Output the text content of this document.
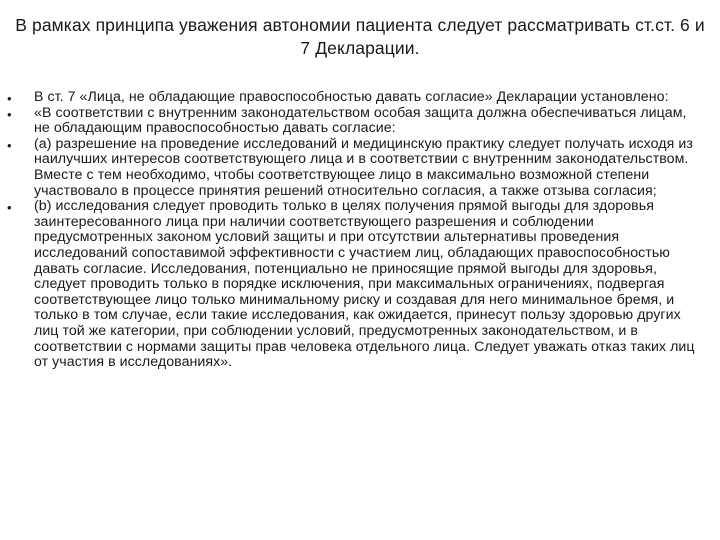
В рамках принципа уважения автономии пациента следует рассматривать ст.ст. 6 и 7 Декларации.
• В ст. 7 «Лица, не обладающие правоспособностью давать согласие» Декларации установлено:
• «В соответствии с внутренним законодательством особая защита должна обеспечиваться лицам, не обладающим правоспособностью давать согласие:
• (a) разрешение на проведение исследований и медицинскую практику следует получать исходя из наилучших интересов соответствующего лица и в соответствии с внутренним законодательством. Вместе с тем необходимо, чтобы соответствующее лицо в максимально возможной степени участвовало в процессе принятия решений относительно согласия, а также отзыва согласия;
• (b) исследования следует проводить только в целях получения прямой выгоды для здоровья заинтересованного лица при наличии соответствующего разрешения и соблюдении предусмотренных законом условий защиты и при отсутствии альтернативы проведения исследований сопоставимой эффективности с участием лиц, обладающих правоспособностью давать согласие. Исследования, потенциально не приносящие прямой выгоды для здоровья, следует проводить только в порядке исключения, при максимальных ограничениях, подвергая соответствующее лицо только минимальному риску и создавая для него минимальное бремя, и только в том случае, если такие исследования, как ожидается, принесут пользу здоровью других лиц той же категории, при соблюдении условий, предусмотренных законодательством, и в соответствии с нормами защиты прав человека отдельного лица. Следует уважать отказ таких лиц от участия в исследованиях».
